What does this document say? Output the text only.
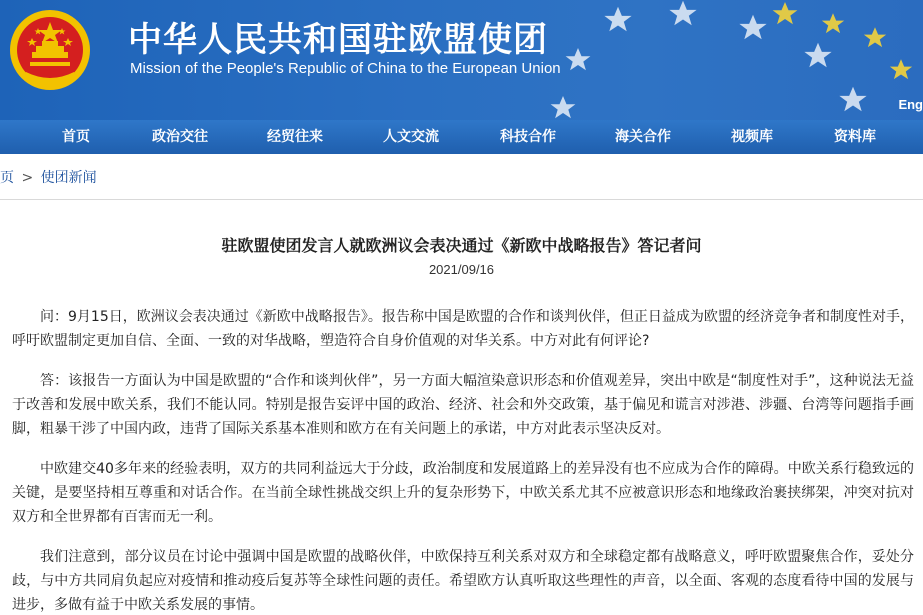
中华人民共和国驻欧盟使团
Mission of the People's Republic of China to the European Union
Eng
首页	政治交往	经贸往来	人文交流	科技合作	海关合作	视频库	资料库
页 > 使团新闻
驻欧盟使团发言人就欧洲议会表决通过《新欧中战略报告》答记者问
2021/09/16

问：9月15日，欧洲议会表决通过《新欧中战略报告》。报告称中国是欧盟的合作和谈判伙伴，但正日益成为欧盟的经济竞争者和制度性对手，呼吁欧盟制定更加自信、全面、一致的对华战略，塑造符合自身价值观的对华关系。中方对此有何评论?

答：该报告一方面认为中国是欧盟的“合作和谈判伙伴”，另一方面大幅渲染意识形态和价值观差异，突出中欧是“制度性对手”，这种说法无益于改善和发展中欧关系，我们不能认同。特别是报告妄评中国的政治、经济、社会和外交政策，基于偏见和谎言对涉港、涉疆、台湾等问题指手画脚，粗暴干涉了中国内政，违背了国际关系基本准则和欧方在有关问题上的承诺，中方对此表示坚决反对。

中欧建交40多年来的经验表明，双方的共同利益远大于分歧，政治制度和发展道路上的差异没有也不应成为合作的障碍。中欧关系行稳致远的关键，是要坚持相互尊重和对话合作。在当前全球性挑战交织上升的复杂形势下，中欧关系尤其不应被意识形态和地缘政治裹挟绑架，冲突对抗对双方和全世界都有百害而无一利。

我们注意到，部分议员在讨论中强调中国是欧盟的战略伙伴，中欧保持互利关系对双方和全球稳定都有战略意义，呼吁欧盟聚焦合作，妥处分歧，与中方共同肩负起应对疫情和推动疫后复苏等全球性问题的责任。希望欧方认真听取这些理性的声音，以全面、客观的态度看待中国的发展与进步，多做有益于中欧关系发展的事情。
